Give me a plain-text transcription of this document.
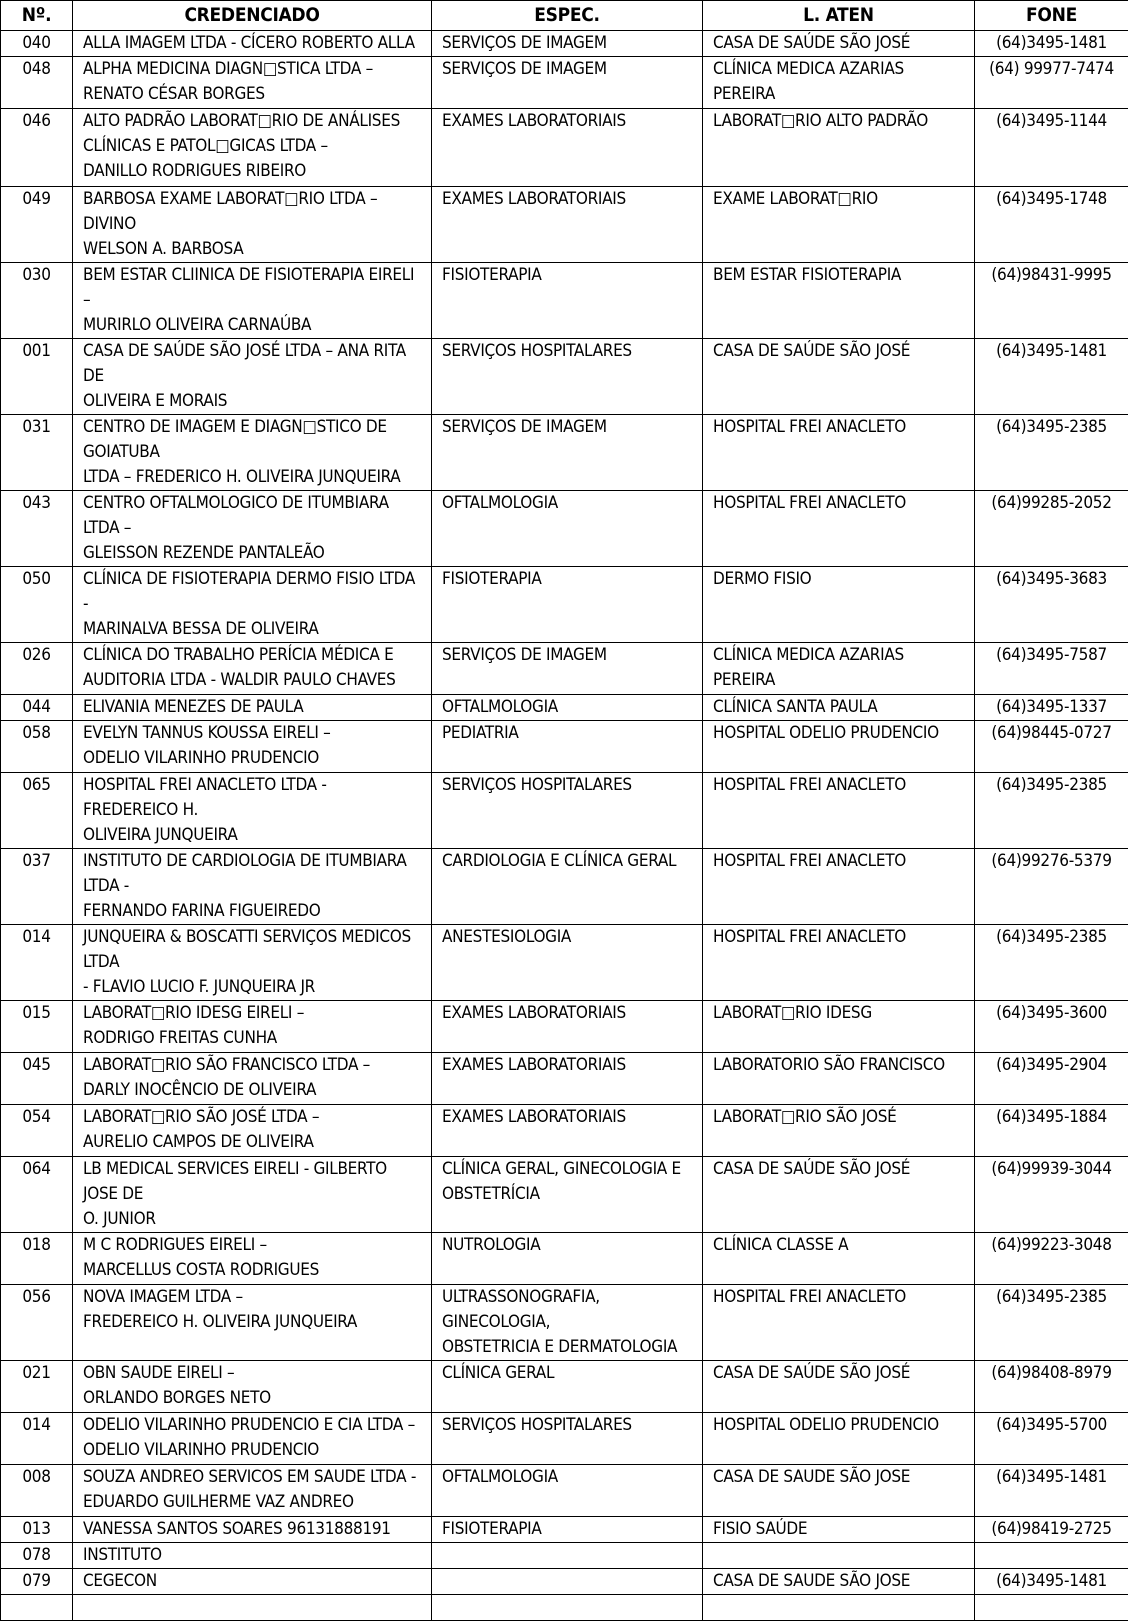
Nº.	CREDENCIADO	ESPEC.	L. ATEN	FONE

040	ALLA IMAGEM LTDA - CÍCERO ROBERTO ALLA	SERVIÇOS DE IMAGEM	CASA DE SAÚDE SÃO JOSÉ	(64)3495-1481

048	ALPHA MEDICINA DIAGN□STICA LTDA –
RENATO CÉSAR BORGES	SERVIÇOS DE IMAGEM	CLÍNICA MEDICA AZARIAS PEREIRA	(64) 99977-7474

046	ALTO PADRÃO LABORAT□RIO DE ANÁLISES
CLÍNICAS E PATOL□GICAS LTDA –
DANILLO RODRIGUES RIBEIRO	EXAMES LABORATORIAIS	LABORAT□RIO ALTO PADRÃO	(64)3495-1144

049	BARBOSA EXAME LABORAT□RIO LTDA – DIVINO
WELSON A. BARBOSA	EXAMES LABORATORIAIS	EXAME LABORAT□RIO	(64)3495-1748

030	BEM ESTAR CLIINICA DE FISIOTERAPIA EIRELI –
MURIRLO OLIVEIRA CARNAÚBA	FISIOTERAPIA	BEM ESTAR FISIOTERAPIA	(64)98431-9995

001	CASA DE SAÚDE SÃO JOSÉ LTDA – ANA RITA DE
OLIVEIRA E MORAIS	SERVIÇOS HOSPITALARES	CASA DE SAÚDE SÃO JOSÉ	(64)3495-1481

031	CENTRO DE IMAGEM E DIAGN□STICO DE GOIATUBA
LTDA – FREDERICO H. OLIVEIRA JUNQUEIRA	SERVIÇOS DE IMAGEM	HOSPITAL FREI ANACLETO	(64)3495-2385

043	CENTRO OFTALMOLOGICO DE ITUMBIARA LTDA –
GLEISSON REZENDE PANTALEÃO	OFTALMOLOGIA	HOSPITAL FREI ANACLETO	(64)99285-2052

050	CLÍNICA DE FISIOTERAPIA DERMO FISIO LTDA -
MARINALVA BESSA DE OLIVEIRA	FISIOTERAPIA	DERMO FISIO	(64)3495-3683

026	CLÍNICA DO TRABALHO PERÍCIA MÉDICA E
AUDITORIA LTDA - WALDIR PAULO CHAVES	SERVIÇOS DE IMAGEM	CLÍNICA MEDICA AZARIAS PEREIRA	(64)3495-7587

044	ELIVANIA MENEZES DE PAULA	OFTALMOLOGIA	CLÍNICA SANTA PAULA	(64)3495-1337

058	EVELYN TANNUS KOUSSA EIRELI –
ODELIO VILARINHO PRUDENCIO	PEDIATRIA	HOSPITAL ODELIO PRUDENCIO	(64)98445-0727

065	HOSPITAL FREI ANACLETO LTDA - FREDEREICO H.
OLIVEIRA JUNQUEIRA	SERVIÇOS HOSPITALARES	HOSPITAL FREI ANACLETO	(64)3495-2385

037	INSTITUTO DE CARDIOLOGIA DE ITUMBIARA LTDA -
FERNANDO FARINA FIGUEIREDO	CARDIOLOGIA E CLÍNICA GERAL	HOSPITAL FREI ANACLETO	(64)99276-5379

014	JUNQUEIRA & BOSCATTI SERVIÇOS MEDICOS LTDA
- FLAVIO LUCIO F. JUNQUEIRA JR	ANESTESIOLOGIA	HOSPITAL FREI ANACLETO	(64)3495-2385

015	LABORAT□RIO IDESG EIRELI –
RODRIGO FREITAS CUNHA	EXAMES LABORATORIAIS	LABORAT□RIO IDESG	(64)3495-3600

045	LABORAT□RIO SÃO FRANCISCO LTDA –
DARLY INOCÊNCIO DE OLIVEIRA	EXAMES LABORATORIAIS	LABORATORIO SÃO FRANCISCO	(64)3495-2904

054	LABORAT□RIO SÃO JOSÉ LTDA –
AURELIO CAMPOS DE OLIVEIRA	EXAMES LABORATORIAIS	LABORAT□RIO SÃO JOSÉ	(64)3495-1884

064	LB MEDICAL SERVICES EIRELI - GILBERTO JOSE DE
O. JUNIOR	CLÍNICA GERAL, GINECOLOGIA E
OBSTETRÍCIA	CASA DE SAÚDE SÃO JOSÉ	(64)99939-3044

018	M C RODRIGUES EIRELI –
MARCELLUS COSTA RODRIGUES	NUTROLOGIA	CLÍNICA CLASSE A	(64)99223-3048

056	NOVA IMAGEM LTDA –
FREDEREICO H. OLIVEIRA JUNQUEIRA	ULTRASSONOGRAFIA, GINECOLOGIA,
OBSTETRICIA E DERMATOLOGIA	HOSPITAL FREI ANACLETO	(64)3495-2385

021	OBN SAUDE EIRELI –
ORLANDO BORGES NETO	CLÍNICA GERAL	CASA DE SAÚDE SÃO JOSÉ	(64)98408-8979

014	ODELIO VILARINHO PRUDENCIO E CIA LTDA –
ODELIO VILARINHO PRUDENCIO	SERVIÇOS HOSPITALARES	HOSPITAL ODELIO PRUDENCIO	(64)3495-5700

008	SOUZA ANDREO SERVICOS EM SAUDE LTDA -
EDUARDO GUILHERME VAZ ANDREO	OFTALMOLOGIA	CASA DE SAUDE SÃO JOSE	(64)3495-1481

013	VANESSA SANTOS SOARES 96131888191	FISIOTERAPIA	FISIO SAÚDE	(64)98419-2725

078	INSTITUTO			

079	CEGECON		CASA DE SAUDE SÃO JOSE	(64)3495-1481
